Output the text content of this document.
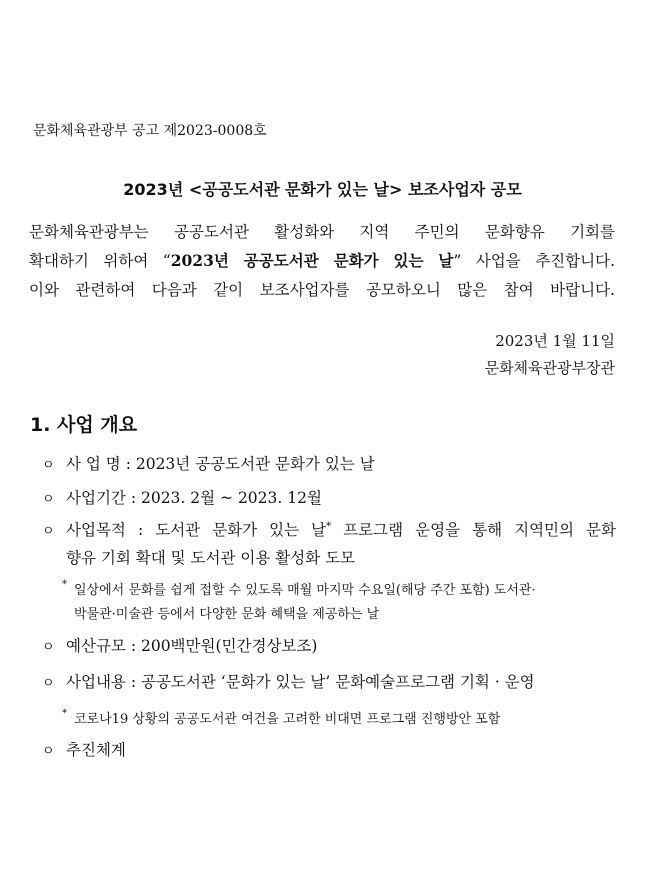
문화체육관광부 공고 제2023-0008호
2023년 <공공도서관 문화가 있는 날> 보조사업자 공모
문화체육관광부는 공공도서관 활성화와 지역 주민의 문화향유 기회를
확대하기 위하여 “2023년 공공도서관 문화가 있는 날” 사업을 추진합니다.
이와 관련하여 다음과 같이 보조사업자를 공모하오니 많은 참여 바랍니다.
2023년 1월 11일
문화체육관광부장관
1. 사업 개요
ㅇ 사 업 명 : 2023년 공공도서관 문화가 있는 날
ㅇ 사업기간 : 2023. 2월 ~ 2023. 12월
ㅇ 사업목적 : 도서관 문화가 있는 날* 프로그램 운영을 통해 지역민의 문화
향유 기회 확대 및 도서관 이용 활성화 도모
* 일상에서 문화를 쉽게 접할 수 있도록 매월 마지막 수요일(해당 주간 포함) 도서관·
박물관·미술관 등에서 다양한 문화 혜택을 제공하는 날
ㅇ 예산규모 : 200백만원(민간경상보조)
ㅇ 사업내용 : 공공도서관 ‘문화가 있는 날’ 문화예술프로그램 기획 · 운영
* 코로나19 상황의 공공도서관 여건을 고려한 비대면 프로그램 진행방안 포함
ㅇ 추진체계
